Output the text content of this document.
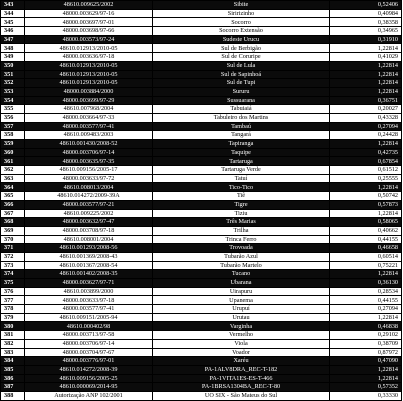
343	48610.009625/2002	Sibite	0,52406
344	48000.003629/97-16	Siririzinho	0,40984
345	48000.003697/97-01	Socorro	0,38358
346	48000.003698/97-66	Socorro Extensão	0,34965
347	48000.003573/97-24	Sudeste Urucu	0,31910
348	48610.012913/2010-05	Sul de Berbigão	1,22814
349	48000.003636/97-18	Sul de Coruripe	0,41029
350	48610.012913/2010-05	Sul de Lula	1,22814
351	48610.012913/2010-05	Sul de Sapinhoá	1,22814
352	48610.012913/2010-05	Sul de Tupi	1,22814
353	48000.003884/2000	Sururu	1,22814
354	48000.003699/97-29	Sussuarana	0,36751
355	48610.007968/2004	Tabuiaiá	0,20027
356	48000.003664/97-33	Tabuleiro dos Martins	0,43328
357	48000.003577/97-41	Tambaú	0,27094
358	48610.009483/2003	Tangará	0,24428
359	48610.001430/2008-52	Tapiranga	1,22814
360	48000.003706/97-14	Taquipe	0,42735
361	48000.003635/97-35	Tartaruga	0,67854
362	48610.009156/2005-17	Tartaruga Verde	0,61512
363	48000.003633/97-72	Tatuí	0,25555
364	48610.008013/2004	Tico-Tico	1,22814
365	48610.014272/2009-39A	Tiê	0,50742
366	48000.003577/97-21	Tigre	0,57873
367	48610.009225/2002	Tiziu	1,22814
368	48000.003632/97-47	Três Marias	0,58065
369	48000.003708/97-18	Trilha	0,40662
370	48610.008001/2004	Trinca Ferro	0,44155
371	48610.001293/2008-56	Trovoada	0,46658
372	48610.001369/2008-43	Tubarão Azul	0,60514
373	48610.001367/2008-54	Tubarão Martelo	0,75221
374	48610.001402/2008-35	Tucano	1,22814
375	48000.003627/97-71	Ubarana	0,36130
376	48610.003899/2000	Uirapuru	0,28534
377	48000.003633/97-18	Upanema	0,44155
378	48000.003577/97-41	Urupuí	0,27094
379	48610.009151/2005-94	Urutau	1,22814
380	48610.000402/98	Varginha	0,46838
381	48000.003713/97-58	Vermelho	0,29102
382	48000.003706/97-14	Viola	0,38709
383	48000.003704/97-67	Voador	0,87972
384	48000.003776/97-01	Xaréu	0,47090
385	48610.014272/2008-39	PA-1ALV8DRA_REC-T-182	1,22814
386	48610.009156/2005-25	PA-1VITA1ES-ES-T-466	1,22814
387	48610.000069/2014-95	PA-1BRSA1304BA_REC-T-80	0,57352
388	Autorização ANP 102/2001	UO SIX - São Mateus do Sul	0,33330
